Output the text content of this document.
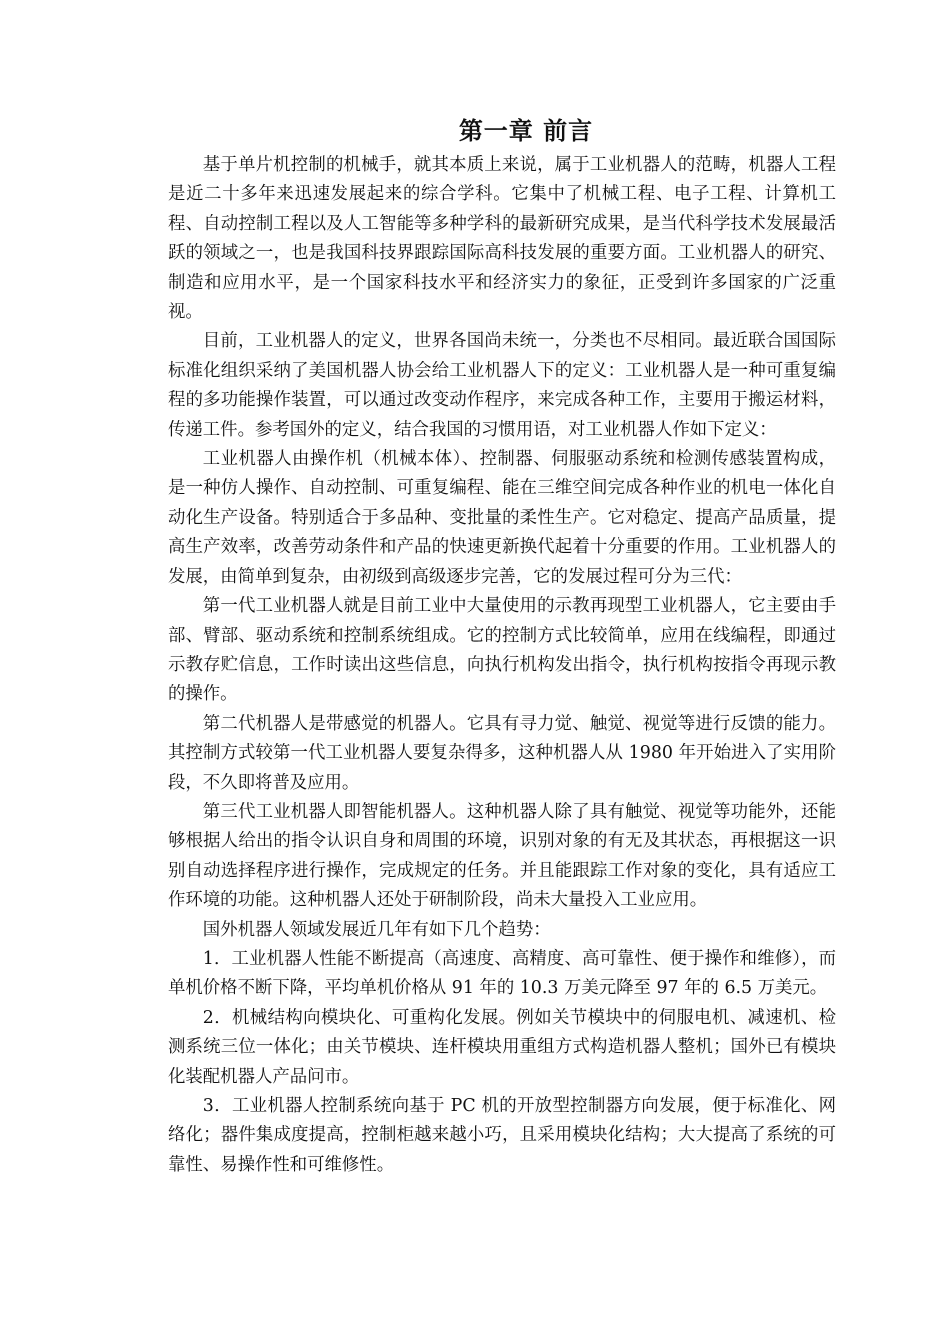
第一章 前言

基于单片机控制的机械手，就其本质上来说，属于工业机器人的范畴，机器人工程是近二十多年来迅速发展起来的综合学科。它集中了机械工程、电子工程、计算机工程、自动控制工程以及人工智能等多种学科的最新研究成果，是当代科学技术发展最活跃的领域之一，也是我国科技界跟踪国际高科技发展的重要方面。工业机器人的研究、制造和应用水平，是一个国家科技水平和经济实力的象征，正受到许多国家的广泛重视。

目前，工业机器人的定义，世界各国尚未统一，分类也不尽相同。最近联合国国际标准化组织采纳了美国机器人协会给工业机器人下的定义：工业机器人是一种可重复编程的多功能操作装置，可以通过改变动作程序，来完成各种工作，主要用于搬运材料，传递工件。参考国外的定义，结合我国的习惯用语，对工业机器人作如下定义：

工业机器人由操作机（机械本体）、控制器、伺服驱动系统和检测传感装置构成，是一种仿人操作、自动控制、可重复编程、能在三维空间完成各种作业的机电一体化自动化生产设备。特别适合于多品种、变批量的柔性生产。它对稳定、提高产品质量，提高生产效率，改善劳动条件和产品的快速更新换代起着十分重要的作用。工业机器人的发展，由简单到复杂，由初级到高级逐步完善，它的发展过程可分为三代：

第一代工业机器人就是目前工业中大量使用的示教再现型工业机器人，它主要由手部、臂部、驱动系统和控制系统组成。它的控制方式比较简单，应用在线编程，即通过示教存贮信息，工作时读出这些信息，向执行机构发出指令，执行机构按指令再现示教的操作。

第二代机器人是带感觉的机器人。它具有寻力觉、触觉、视觉等进行反馈的能力。其控制方式较第一代工业机器人要复杂得多，这种机器人从 1980 年开始进入了实用阶段，不久即将普及应用。

第三代工业机器人即智能机器人。这种机器人除了具有触觉、视觉等功能外，还能够根据人给出的指令认识自身和周围的环境，识别对象的有无及其状态，再根据这一识别自动选择程序进行操作，完成规定的任务。并且能跟踪工作对象的变化，具有适应工作环境的功能。这种机器人还处于研制阶段，尚未大量投入工业应用。

国外机器人领域发展近几年有如下几个趋势：

1．工业机器人性能不断提高（高速度、高精度、高可靠性、便于操作和维修），而单机价格不断下降，平均单机价格从 91 年的 10.3 万美元降至 97 年的 6.5 万美元。

2．机械结构向模块化、可重构化发展。例如关节模块中的伺服电机、减速机、检测系统三位一体化；由关节模块、连杆模块用重组方式构造机器人整机；国外已有模块化装配机器人产品问市。

3．工业机器人控制系统向基于 PC 机的开放型控制器方向发展，便于标准化、网络化；器件集成度提高，控制柜越来越小巧，且采用模块化结构；大大提高了系统的可靠性、易操作性和可维修性。
